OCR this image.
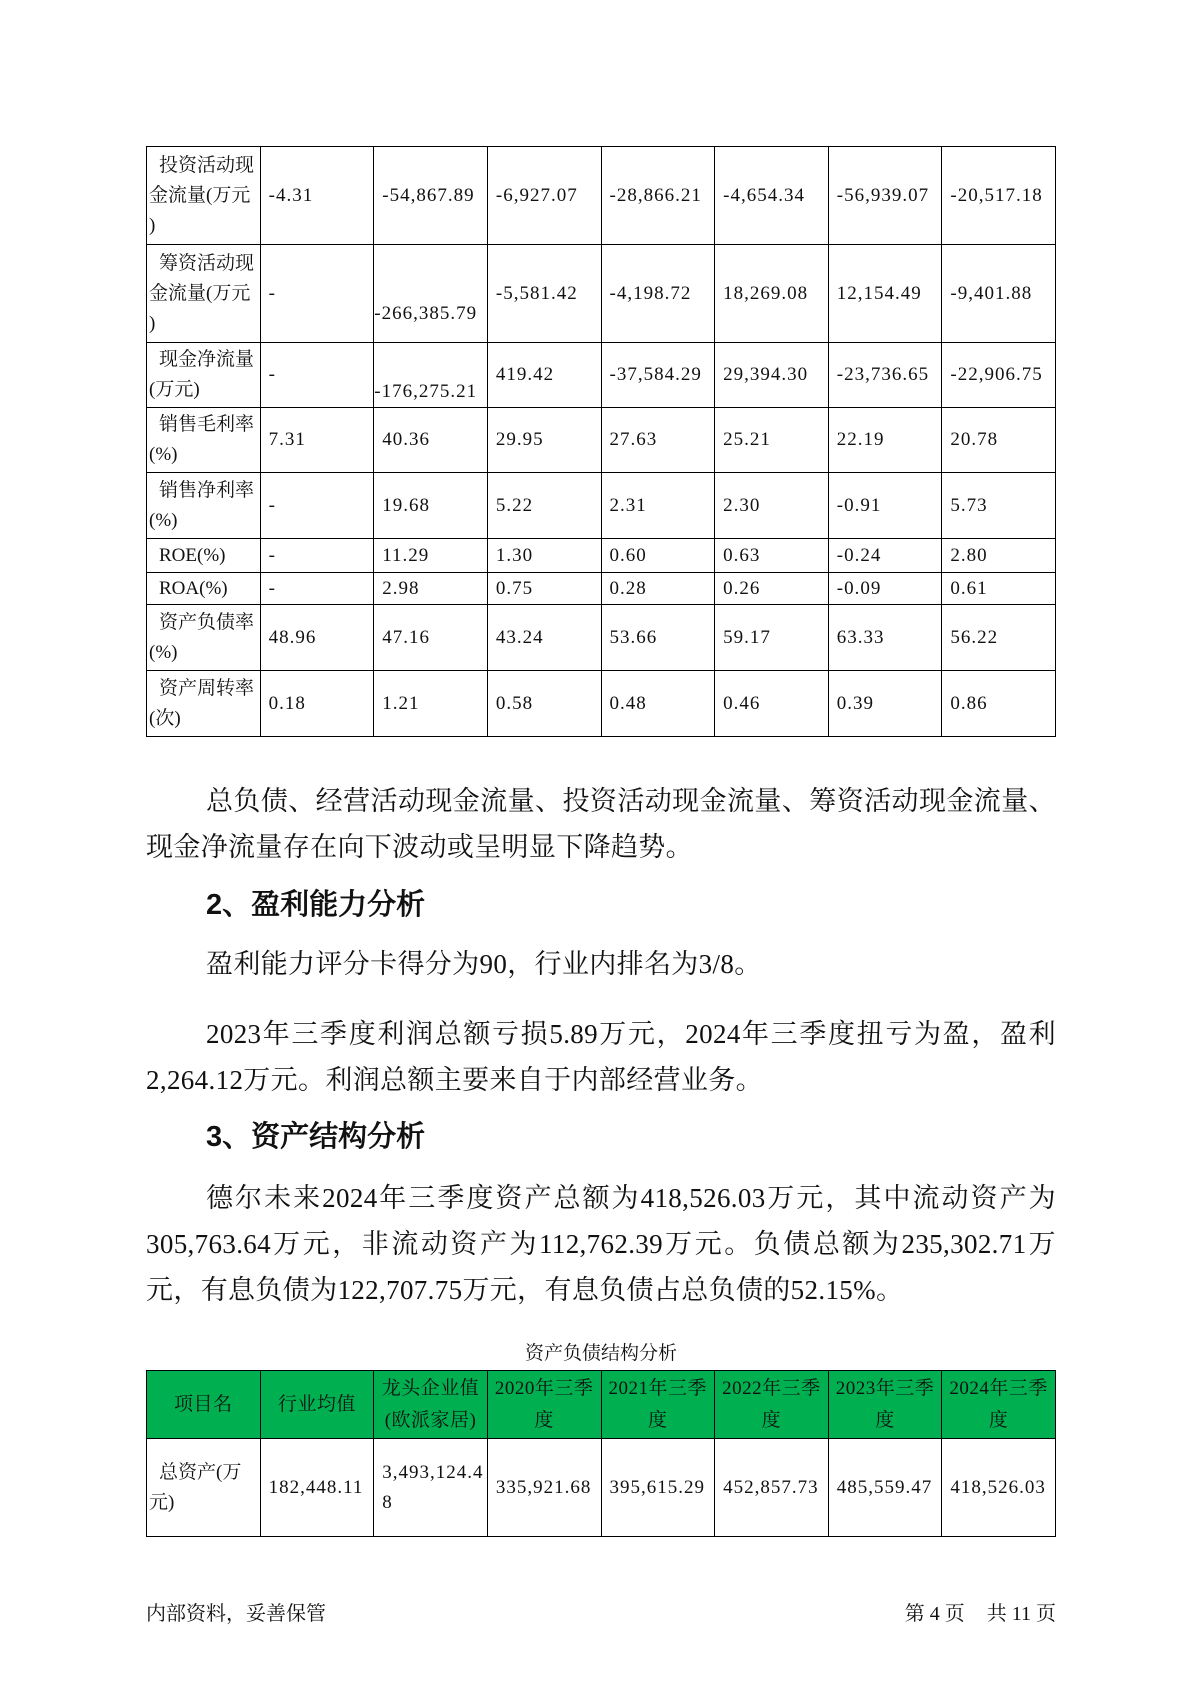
投资活动现金流量(万元)	-4.31	-54,867.89	-6,927.07	-28,866.21	-4,654.34	-56,939.07	-20,517.18
筹资活动现金流量(万元)	-	-266,385.79	-5,581.42	-4,198.72	18,269.08	12,154.49	-9,401.88
现金净流量(万元)	-	-176,275.21	419.42	-37,584.29	29,394.30	-23,736.65	-22,906.75
销售毛利率(%)	7.31	40.36	29.95	27.63	25.21	22.19	20.78
销售净利率(%)	-	19.68	5.22	2.31	2.30	-0.91	5.73
ROE(%)	-	11.29	1.30	0.60	0.63	-0.24	2.80
ROA(%)	-	2.98	0.75	0.28	0.26	-0.09	0.61
资产负债率(%)	48.96	47.16	43.24	53.66	59.17	63.33	56.22
资产周转率(次)	0.18	1.21	0.58	0.48	0.46	0.39	0.86

总负债、经营活动现金流量、投资活动现金流量、筹资活动现金流量、现金净流量存在向下波动或呈明显下降趋势。

2、盈利能力分析

盈利能力评分卡得分为90，行业内排名为3/8。

2023年三季度利润总额亏损5.89万元，2024年三季度扭亏为盈，盈利2,264.12万元。利润总额主要来自于内部经营业务。

3、资产结构分析

德尔未来2024年三季度资产总额为418,526.03万元，其中流动资产为305,763.64万元，非流动资产为112,762.39万元。负债总额为235,302.71万元，有息负债为122,707.75万元，有息负债占总负债的52.15%。

资产负债结构分析
项目名	行业均值	龙头企业值(欧派家居)	2020年三季度	2021年三季度	2022年三季度	2023年三季度	2024年三季度
总资产(万元)	182,448.11	3,493,124.48	335,921.68	395,615.29	452,857.73	485,559.47	418,526.03
内部资料，妥善保管	第 4 页 共 11 页
